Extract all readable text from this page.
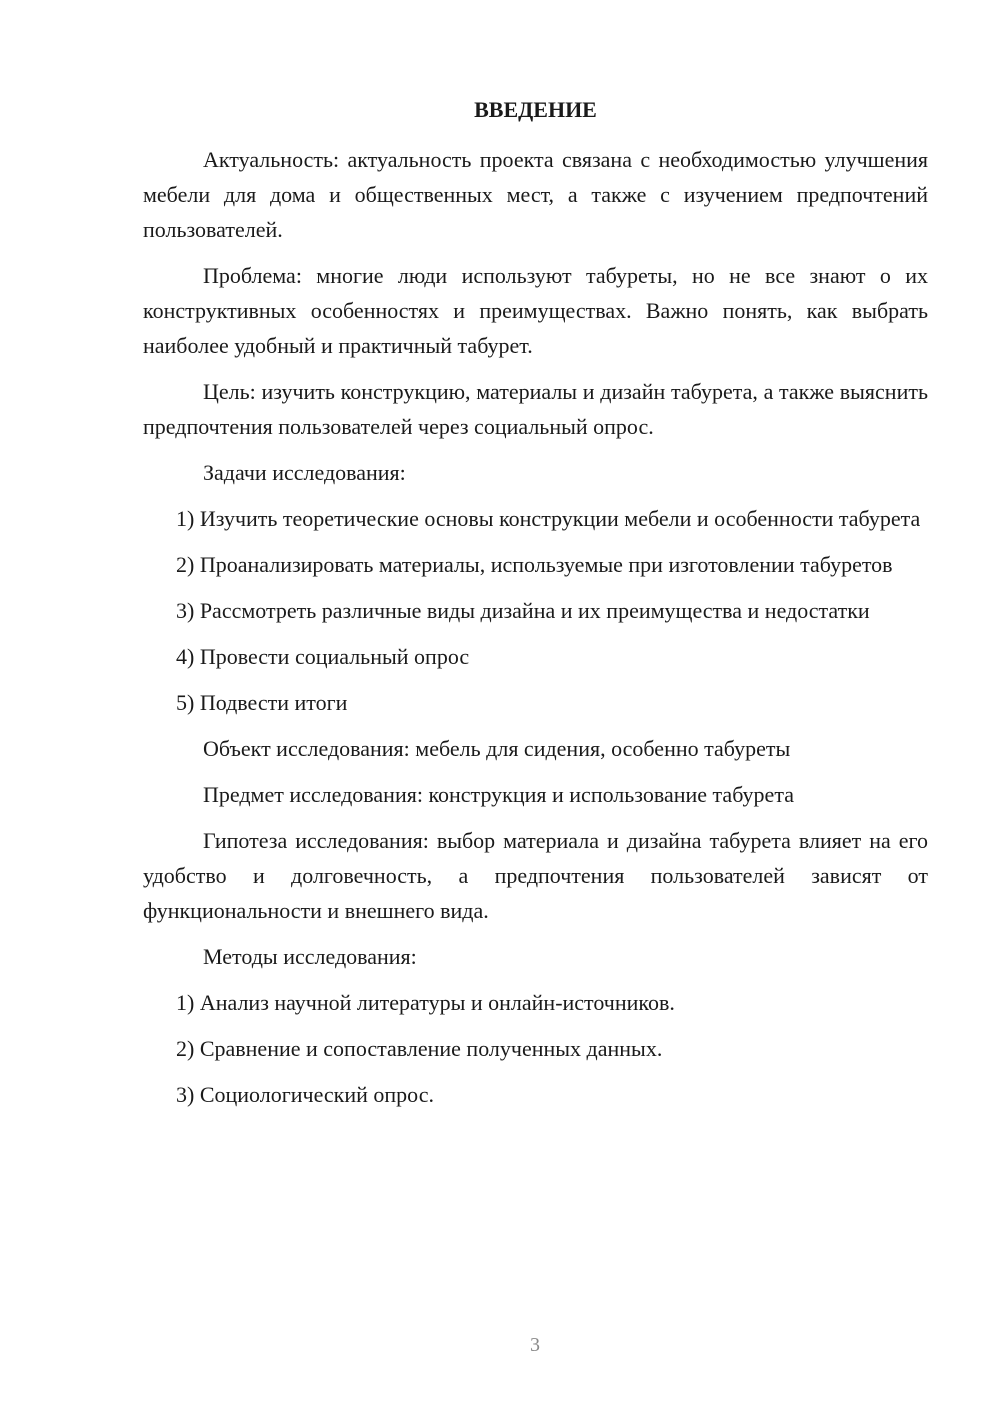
ВВЕДЕНИЕ

Актуальность: актуальность проекта связана с необходимостью улучшения мебели для дома и общественных мест, а также с изучением предпочтений пользователей.

Проблема: многие люди используют табуреты, но не все знают о их конструктивных особенностях и преимуществах. Важно понять, как выбрать наиболее удобный и практичный табурет.

Цель: изучить конструкцию, материалы и дизайн табурета, а также выяснить предпочтения пользователей через социальный опрос.

Задачи исследования:

1) Изучить теоретические основы конструкции мебели и особенности табурета

2) Проанализировать материалы, используемые при изготовлении табуретов

3) Рассмотреть различные виды дизайна и их преимущества и недостатки

4) Провести социальный опрос

5) Подвести итоги

Объект исследования: мебель для сидения, особенно табуреты

Предмет исследования: конструкция и использование табурета

Гипотеза исследования: выбор материала и дизайна табурета влияет на его удобство и долговечность, а предпочтения пользователей зависят от функциональности и внешнего вида.

Методы исследования:

1) Анализ научной литературы и онлайн-источников.

2) Сравнение и сопоставление полученных данных.

3) Социологический опрос.

3
